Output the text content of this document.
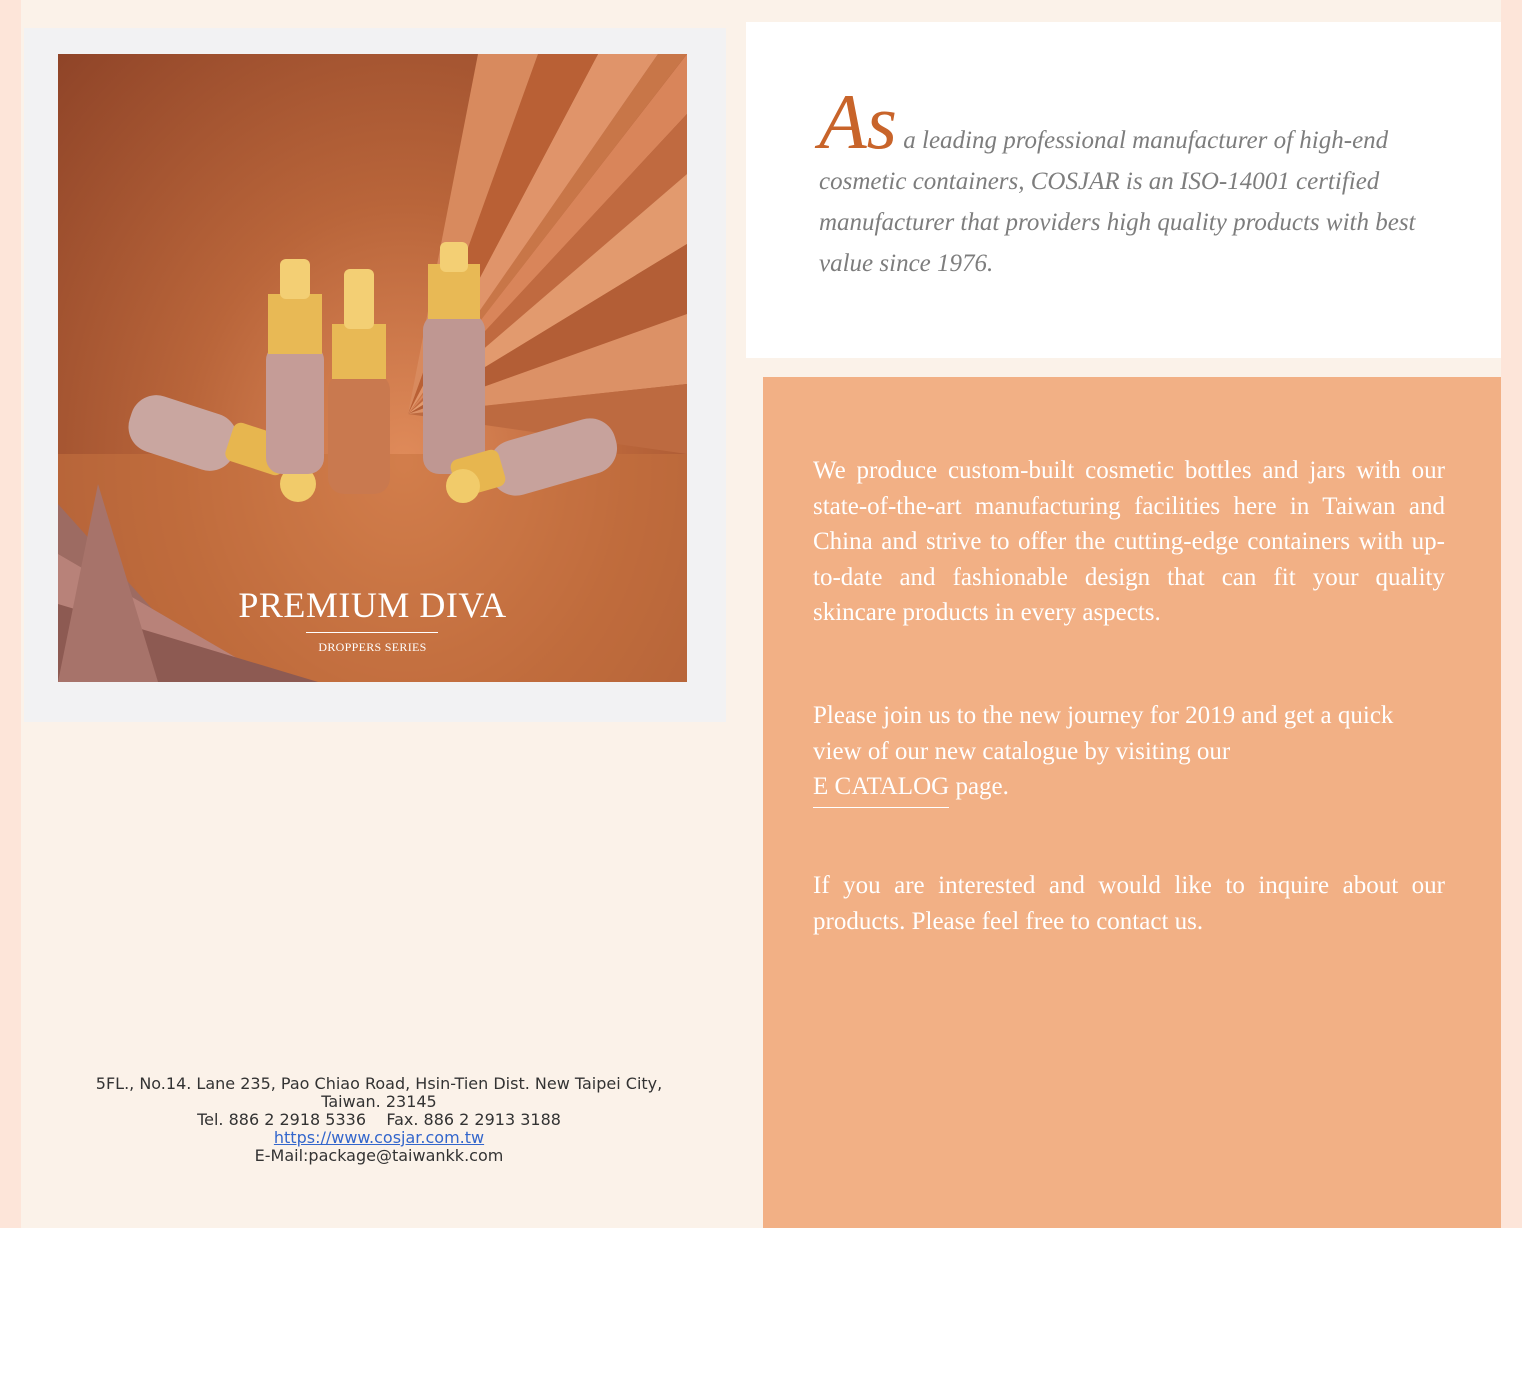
PREMIUM DIVA
DROPPERS SERIES
5FL., No.14. Lane 235, Pao Chiao Road, Hsin-Tien Dist. New Taipei City,
Taiwan. 23145
Tel. 886 2 2918 5336    Fax. 886 2 2913 3188
https://www.cosjar.com.tw
E-Mail:package@taiwankk.com
As a leading professional manufacturer of high-end cosmetic containers, COSJAR is an ISO-14001 certified manufacturer that providers high quality products with best value since 1976.
We produce custom-built cosmetic bottles and jars with our state-of-the-art manufacturing facilities here in Taiwan and China and strive to offer the cutting-edge containers with up-to-date and fashionable design that can fit your quality skincare products in every aspects.
Please join us to the new journey for 2019 and get a quick view of our new catalogue by visiting our
E CATALOG page.
If you are interested and would like to inquire about our products. Please feel free to contact us.
